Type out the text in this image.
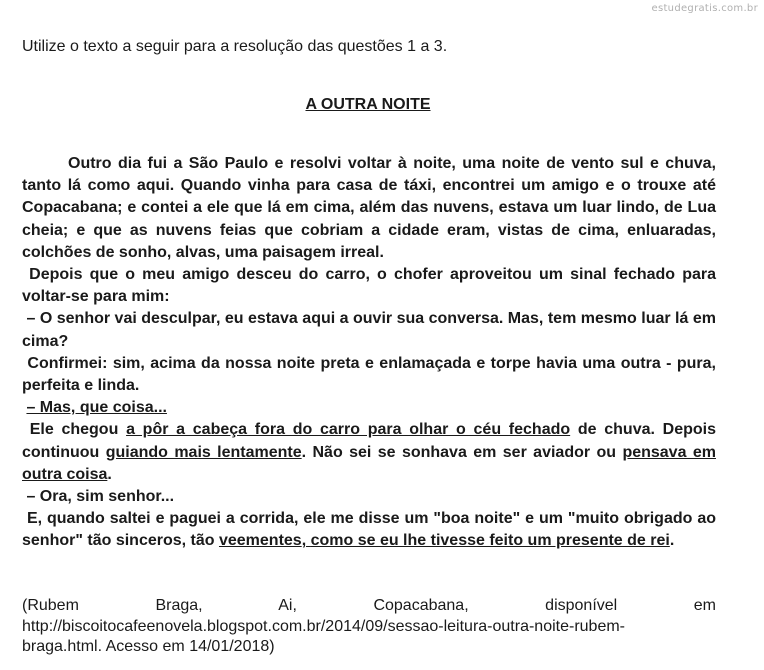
estudegratis.com.br
Utilize o texto a seguir para a resolução das questões 1 a 3.
A OUTRA NOITE

Outro dia fui a São Paulo e resolvi voltar à noite, uma noite de vento sul e chuva, tanto lá como aqui. Quando vinha para casa de táxi, encontrei um amigo e o trouxe até Copacabana; e contei a ele que lá em cima, além das nuvens, estava um luar lindo, de Lua cheia; e que as nuvens feias que cobriam a cidade eram, vistas de cima, enluaradas, colchões de sonho, alvas, uma paisagem irreal.

Depois que o meu amigo desceu do carro, o chofer aproveitou um sinal fechado para voltar-se para mim:

– O senhor vai desculpar, eu estava aqui a ouvir sua conversa. Mas, tem mesmo luar lá em cima?

Confirmei: sim, acima da nossa noite preta e enlamaçada e torpe havia uma outra - pura, perfeita e linda.

– Mas, que coisa...

Ele chegou a pôr a cabeça fora do carro para olhar o céu fechado de chuva. Depois continuou guiando mais lentamente. Não sei se sonhava em ser aviador ou pensava em outra coisa.

– Ora, sim senhor...

E, quando saltei e paguei a corrida, ele me disse um "boa noite" e um "muito obrigado ao senhor" tão sinceros, tão veementes, como se eu lhe tivesse feito um presente de rei.

(Rubem Braga, Ai, Copacabana, disponível em
http://biscoitocafeenovela.blogspot.com.br/2014/09/sessao-leitura-outra-noite-rubem-
braga.html. Acesso em 14/01/2018)
